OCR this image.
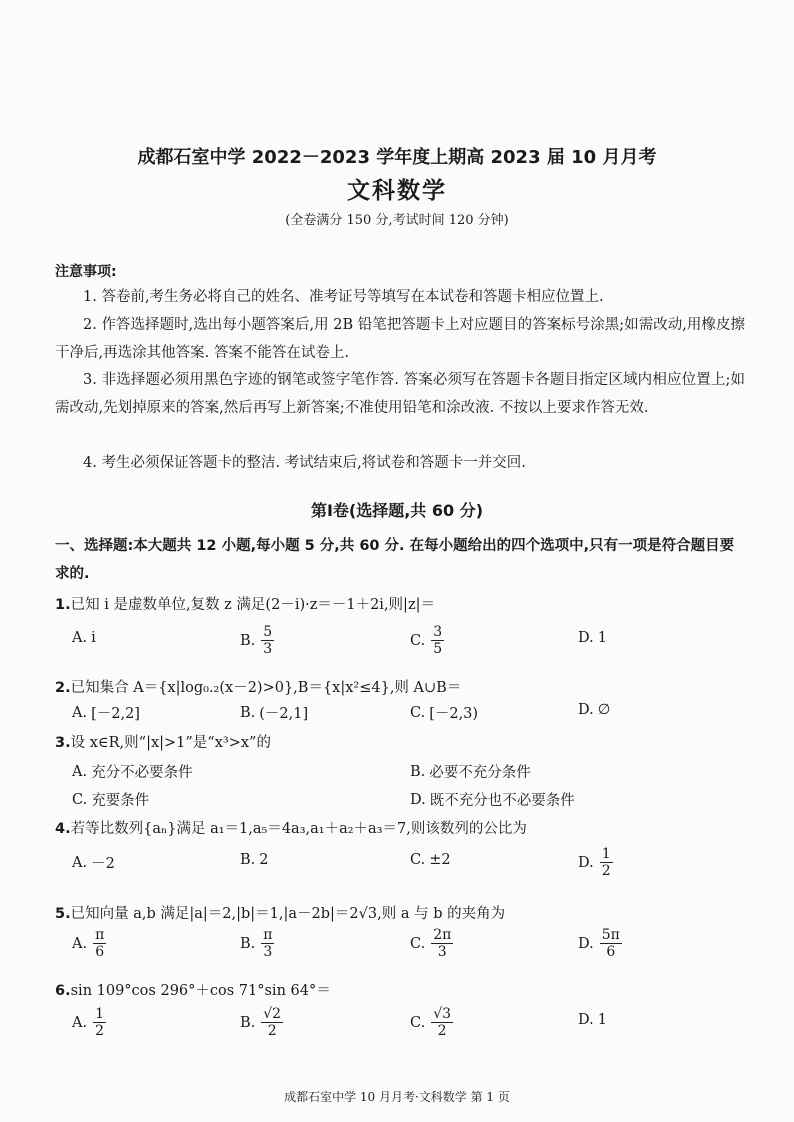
成都石室中学 2022－2023 学年度上期高 2023 届 10 月月考
文科数学
(全卷满分 150 分,考试时间 120 分钟)
注意事项:
1. 答卷前,考生务必将自己的姓名、准考证号等填写在本试卷和答题卡相应位置上.
2. 作答选择题时,选出每小题答案后,用 2B 铅笔把答题卡上对应题目的答案标号涂黑;如需改动,用橡皮擦干净后,再选涂其他答案. 答案不能答在试卷上.
3. 非选择题必须用黑色字迹的钢笔或签字笔作答. 答案必须写在答题卡各题目指定区域内相应位置上;如需改动,先划掉原来的答案,然后再写上新答案;不准使用铅笔和涂改液. 不按以上要求作答无效.
4. 考生必须保证答题卡的整洁. 考试结束后,将试卷和答题卡一并交回.
第Ⅰ卷(选择题,共 60 分)
一、选择题:本大题共 12 小题,每小题 5 分,共 60 分. 在每小题给出的四个选项中,只有一项是符合题目要求的.
1.已知 i 是虚数单位,复数 z 满足(2－i)·z＝－1＋2i,则|z|＝
A. i	B. $\frac{5}{3}$	C. $\frac{3}{5}$	D. 1
2.已知集合 A＝{x|log₀.₂(x－2)>0},B＝{x|x²≤4},则 A∪B＝
A. [－2,2]	B. (－2,1]	C. [－2,3)	D. ∅
3.设 x∈R,则“|x|>1”是“x³>x”的
A. 充分不必要条件	B. 必要不充分条件
C. 充要条件	D. 既不充分也不必要条件
4.若等比数列{aₙ}满足 a₁＝1,a₅＝4a₃,a₁＋a₂＋a₃＝7,则该数列的公比为
A. －2	B. 2	C. ±2	D. $\frac{1}{2}$
5.已知向量 a,b 满足|a|＝2,|b|＝1,|a－2b|＝2√3,则 a 与 b 的夹角为
A. $\frac{\pi}{6}$	B. $\frac{\pi}{3}$	C. $\frac{2\pi}{3}$	D. $\frac{5\pi}{6}$
6.sin 109°cos 296°＋cos 71°sin 64°＝
A. $\frac{1}{2}$	B. $\frac{√2}{2}$	C. $\frac{√3}{2}$	D. 1
成都石室中学 10 月月考·文科数学 第 1 页
